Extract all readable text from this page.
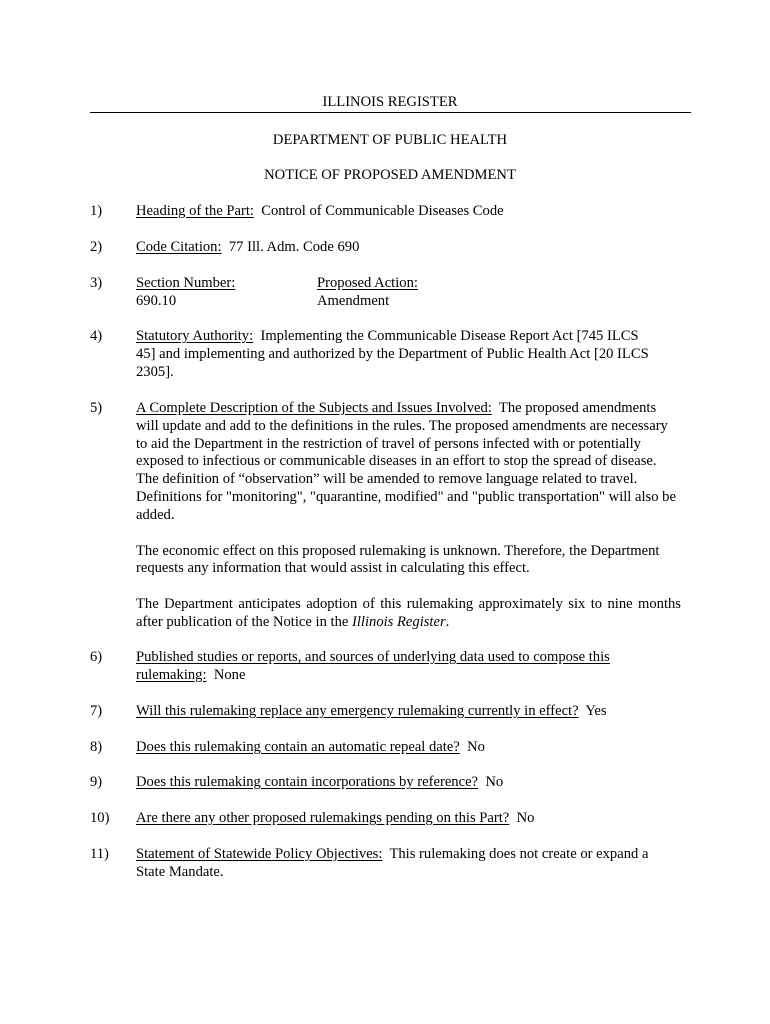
ILLINOIS REGISTER
DEPARTMENT OF PUBLIC HEALTH
NOTICE OF PROPOSED AMENDMENT
1) Heading of the Part: Control of Communicable Diseases Code
2) Code Citation: 77 Ill. Adm. Code 690
3) Section Number:
690.10
Proposed Action:
Amendment
4) Statutory Authority: Implementing the Communicable Disease Report Act [745 ILCS 45] and implementing and authorized by the Department of Public Health Act [20 ILCS 2305].
5) A Complete Description of the Subjects and Issues Involved: The proposed amendments will update and add to the definitions in the rules. The proposed amendments are necessary to aid the Department in the restriction of travel of persons infected with or potentially exposed to infectious or communicable diseases in an effort to stop the spread of disease. The definition of “observation” will be amended to remove language related to travel. Definitions for "monitoring", "quarantine, modified" and "public transportation" will also be added.

The economic effect on this proposed rulemaking is unknown. Therefore, the Department requests any information that would assist in calculating this effect.

The Department anticipates adoption of this rulemaking approximately six to nine months after publication of the Notice in the Illinois Register.

6) Published studies or reports, and sources of underlying data used to compose this rulemaking: None
7) Will this rulemaking replace any emergency rulemaking currently in effect? Yes
8) Does this rulemaking contain an automatic repeal date? No
9) Does this rulemaking contain incorporations by reference? No
10) Are there any other proposed rulemakings pending on this Part? No
11) Statement of Statewide Policy Objectives: This rulemaking does not create or expand a State Mandate.
